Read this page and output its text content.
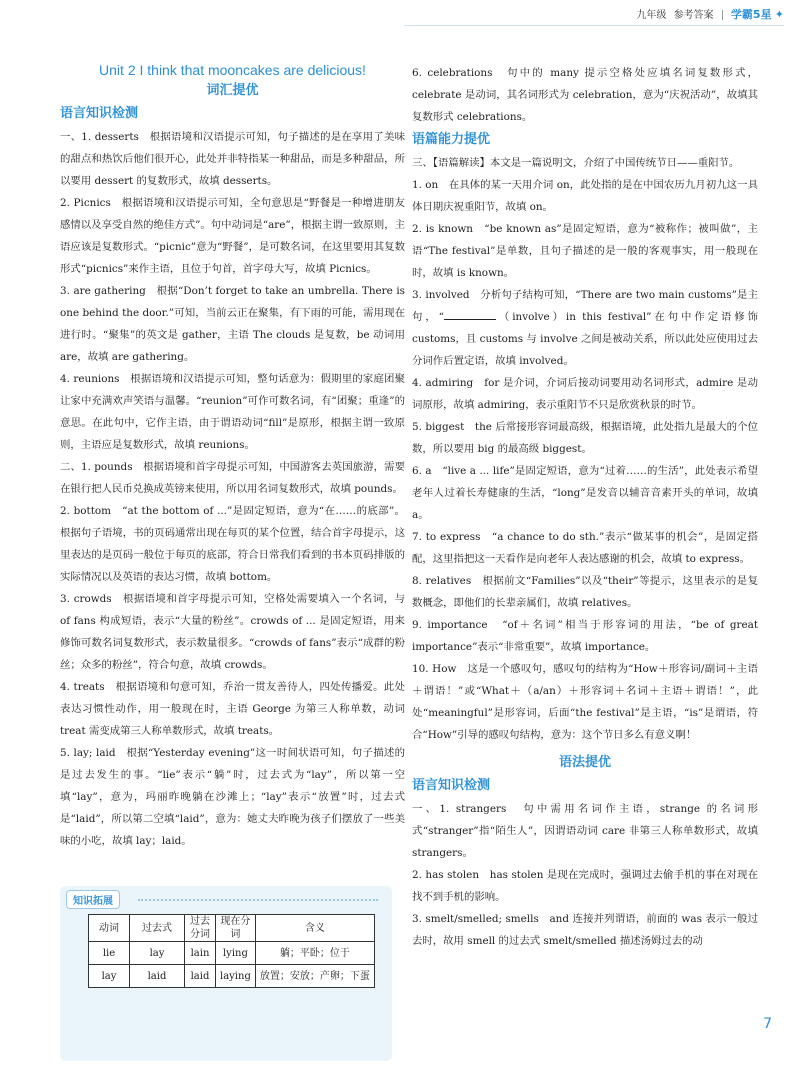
九年级 参考答案 学霸5星 ✦
Unit 2 I think that mooncakes are delicious!
词汇提优
语言知识检测

一、1. desserts　根据语境和汉语提示可知，句子描述的是在享用了美味的甜点和热饮后他们很开心，此处并非特指某一种甜品，而是多种甜品，所以要用 dessert 的复数形式，故填 desserts。

2. Picnics　根据语境和汉语提示可知，全句意思是“野餐是一种增进朋友感情以及享受自然的绝佳方式”。句中动词是“are”，根据主谓一致原则，主语应该是复数形式。“picnic”意为“野餐”，是可数名词，在这里要用其复数形式“picnics”来作主语，且位于句首，首字母大写，故填 Picnics。

3. are gathering　根据“Don’t forget to take an umbrella. There is one behind the door.”可知，当前云正在聚集，有下雨的可能，需用现在进行时。“聚集”的英文是 gather，主语 The clouds 是复数，be 动词用 are，故填 are gathering。

4. reunions　根据语境和汉语提示可知，整句话意为：假期里的家庭团聚让家中充满欢声笑语与温馨。“reunion”可作可数名词，有“团聚；重逢”的意思。在此句中，它作主语，由于谓语动词“fill”是原形，根据主谓一致原则，主语应是复数形式，故填 reunions。

二、1. pounds　根据语境和首字母提示可知，中国游客去英国旅游，需要在银行把人民币兑换成英镑来使用，所以用名词复数形式，故填 pounds。

2. bottom　“at the bottom of ...”是固定短语，意为“在……的底部”。根据句子语境，书的页码通常出现在每页的某个位置，结合首字母提示，这里表达的是页码一般位于每页的底部，符合日常我们看到的书本页码排版的实际情况以及英语的表达习惯，故填 bottom。

3. crowds　根据语境和首字母提示可知，空格处需要填入一个名词，与 of fans 构成短语，表示“大量的粉丝”。crowds of ... 是固定短语，用来修饰可数名词复数形式，表示数量很多。“crowds of fans”表示“成群的粉丝；众多的粉丝”，符合句意，故填 crowds。

4. treats　根据语境和句意可知，乔治一贯友善待人，四处传播爱。此处表达习惯性动作，用一般现在时，主语 George 为第三人称单数，动词 treat 需变成第三人称单数形式，故填 treats。

5. lay; laid　根据“Yesterday evening”这一时间状语可知，句子描述的是过去发生的事。“lie”表示“躺”时，过去式为“lay”，所以第一空填“lay”，意为，玛丽昨晚躺在沙滩上；“lay”表示“放置”时，过去式是“laid”，所以第二空填“laid”，意为：她丈夫昨晚为孩子们摆放了一些美味的小吃，故填 lay；laid。

知识拓展
动词	过去式	过去分词	现在分词	含义
lie	lay	lain	lying	躺；平卧；位于
lay	laid	laid	laying	放置；安放；产卵；下蛋

6. celebrations　句中的 many 提示空格处应填名词复数形式，celebrate 是动词，其名词形式为 celebration，意为“庆祝活动”，故填其复数形式 celebrations。

语篇能力提优

三、【语篇解读】本文是一篇说明文，介绍了中国传统节日——重阳节。

1. on　在具体的某一天用介词 on，此处指的是在中国农历九月初九这一具体日期庆祝重阳节，故填 on。

2. is known　“be known as”是固定短语，意为“被称作；被叫做”，主语“The festival”是单数，且句子描述的是一般的客观事实，用一般现在时，故填 is known。

3. involved　分析句子结构可知，“There are two main customs”是主句，“	（involve）in this festival”在句中作定语修饰 customs，且 customs 与 involve 之间是被动关系，所以此处应使用过去分词作后置定语，故填 involved。

4. admiring　for 是介词，介词后接动词要用动名词形式，admire 是动词原形，故填 admiring，表示重阳节不只是欣赏秋景的时节。

5. biggest　the 后常接形容词最高级，根据语境，此处指九是最大的个位数，所以要用 big 的最高级 biggest。

6. a　“live a ... life”是固定短语，意为“过着……的生活”，此处表示希望老年人过着长寿健康的生活，“long”是发音以辅音音素开头的单词，故填 a。

7. to express　“a chance to do sth.”表示“做某事的机会”，是固定搭配，这里指把这一天看作是向老年人表达感谢的机会，故填 to express。

8. relatives　根据前文“Families”以及“their”等提示，这里表示的是复数概念，即他们的长辈亲属们，故填 relatives。

9. importance　“of＋名词”相当于形容词的用法，“be of great importance”表示“非常重要”，故填 importance。

10. How　这是一个感叹句，感叹句的结构为“How＋形容词/副词＋主语＋谓语！”或“What＋（a/an）＋形容词＋名词＋主语＋谓语！”，此处“meaningful”是形容词，后面“the festival”是主语，“is”是谓语，符合“How”引导的感叹句结构，意为：这个节日多么有意义啊！

语法提优
语言知识检测

一、1. strangers　句中需用名词作主语，strange 的名词形式“stranger”指“陌生人”，因谓语动词 care 非第三人称单数形式，故填 strangers。

2. has stolen　has stolen 是现在完成时，强调过去偷手机的事在对现在找不到手机的影响。

3. smelt/smelled; smells　and 连接并列谓语，前面的 was 表示一般过去时，故用 smell 的过去式 smelt/smelled 描述汤姆过去的动

7
